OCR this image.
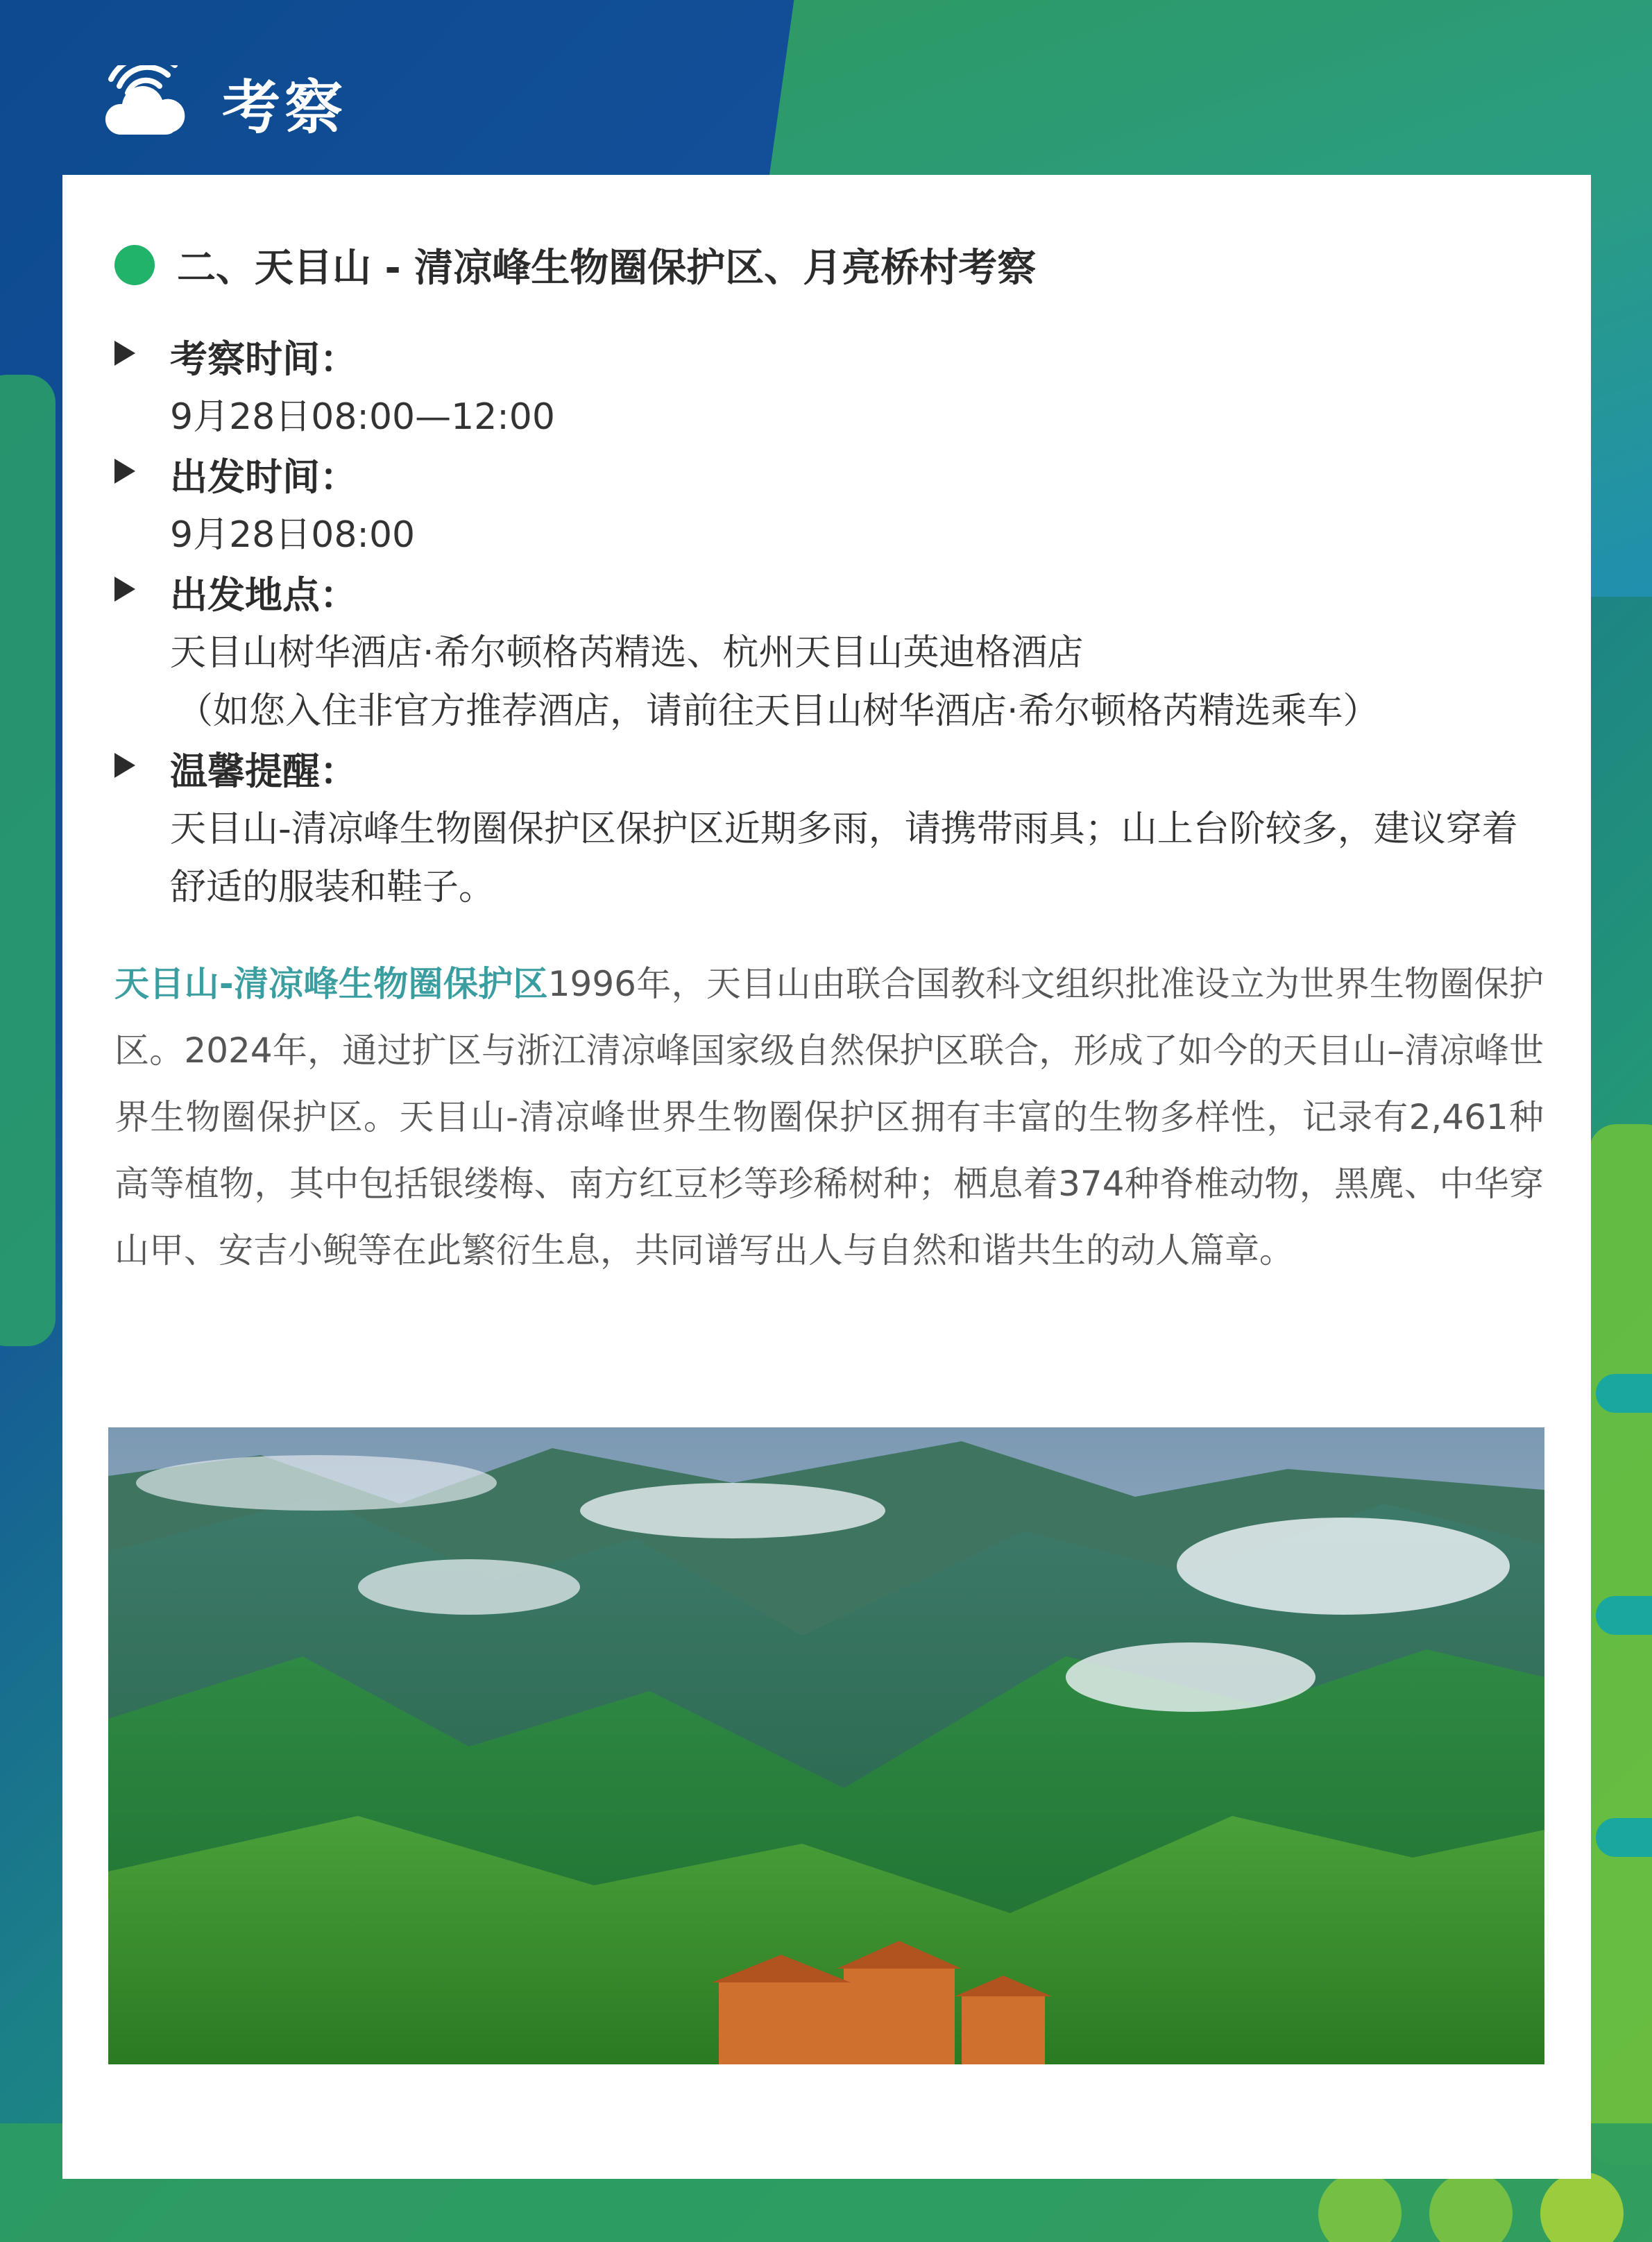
考察
二、天目山 - 清凉峰生物圈保护区、月亮桥村考察
考察时间：
9月28日08:00—12:00
出发时间：
9月28日08:00
出发地点：
天目山树华酒店·希尔顿格芮精选、杭州天目山英迪格酒店
（如您入住非官方推荐酒店，请前往天目山树华酒店·希尔顿格芮精选乘车）
温馨提醒：
天目山-清凉峰生物圈保护区保护区近期多雨，请携带雨具；山上台阶较多，建议穿着舒适的服装和鞋子。
天目山-清凉峰生物圈保护区1996年，天目山由联合国教科文组织批准设立为世界生物圈保护区。2024年，通过扩区与浙江清凉峰国家级自然保护区联合，形成了如今的天目山–清凉峰世界生物圈保护区。天目山-清凉峰世界生物圈保护区拥有丰富的生物多样性，记录有2,461种高等植物，其中包括银缕梅、南方红豆杉等珍稀树种；栖息着374种脊椎动物，黑麂、中华穿山甲、安吉小鲵等在此繁衍生息，共同谱写出人与自然和谐共生的动人篇章。
